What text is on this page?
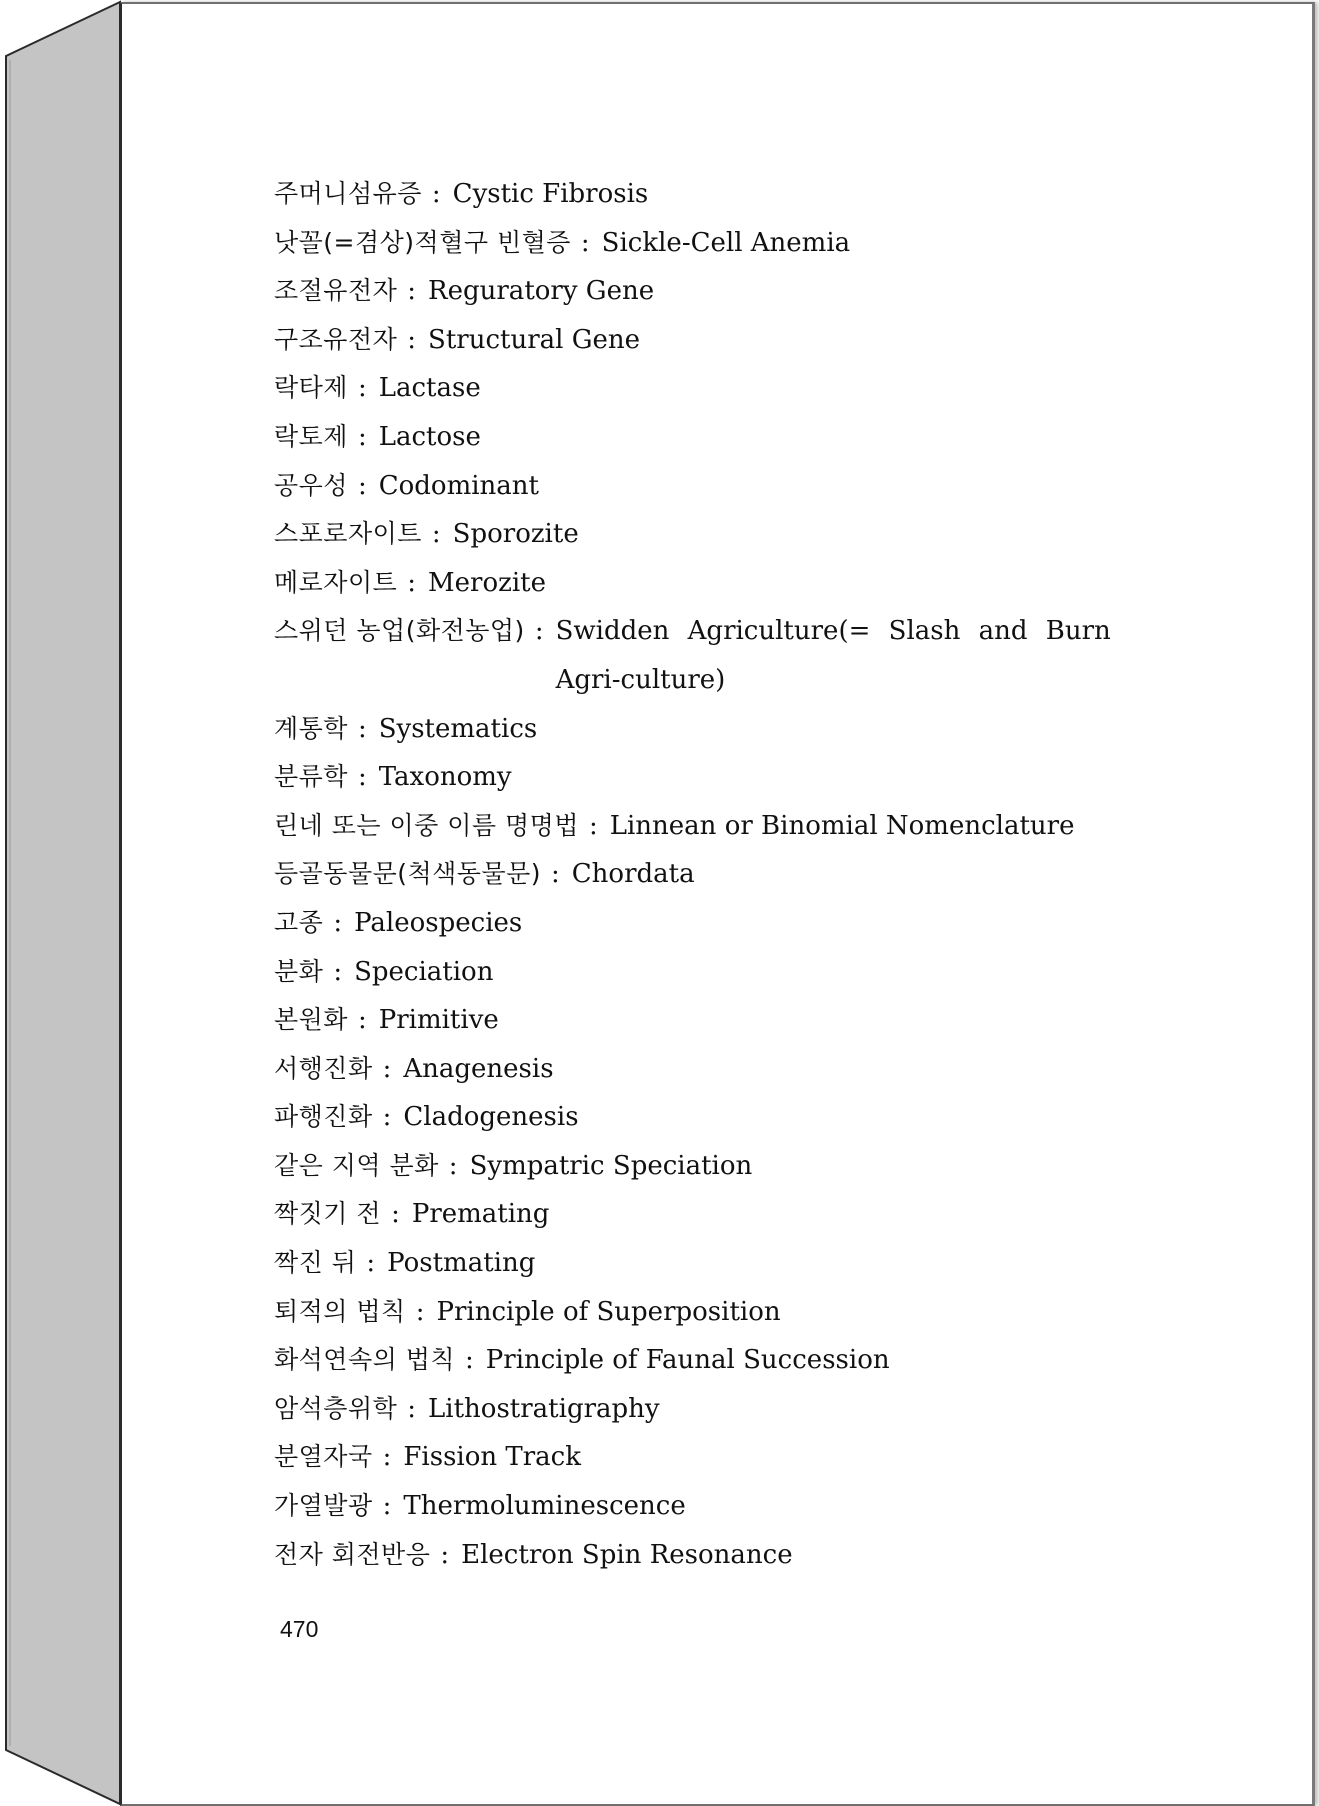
주머니섬유증 : Cystic Fibrosis
낫꼴(=겸상)적혈구 빈혈증 : Sickle-Cell Anemia
조절유전자 : Reguratory Gene
구조유전자 : Structural Gene
락타제 : Lactase
락토제 : Lactose
공우성 : Codominant
스포로자이트 : Sporozite
메로자이트 : Merozite
스위던 농업(화전농업) : Swidden Agriculture(= Slash and Burn Agri-culture)
계통학 : Systematics
분류학 : Taxonomy
린네 또는 이중 이름 명명법 : Linnean or Binomial Nomenclature
등골동물문(척색동물문) : Chordata
고종 : Paleospecies
분화 : Speciation
본원화 : Primitive
서행진화 : Anagenesis
파행진화 : Cladogenesis
같은 지역 분화 : Sympatric Speciation
짝짓기 전 : Premating
짝진 뒤 : Postmating
퇴적의 법칙 : Principle of Superposition
화석연속의 법칙 : Principle of Faunal Succession
암석층위학 : Lithostratigraphy
분열자국 : Fission Track
가열발광 : Thermoluminescence
전자 회전반응 : Electron Spin Resonance
470
